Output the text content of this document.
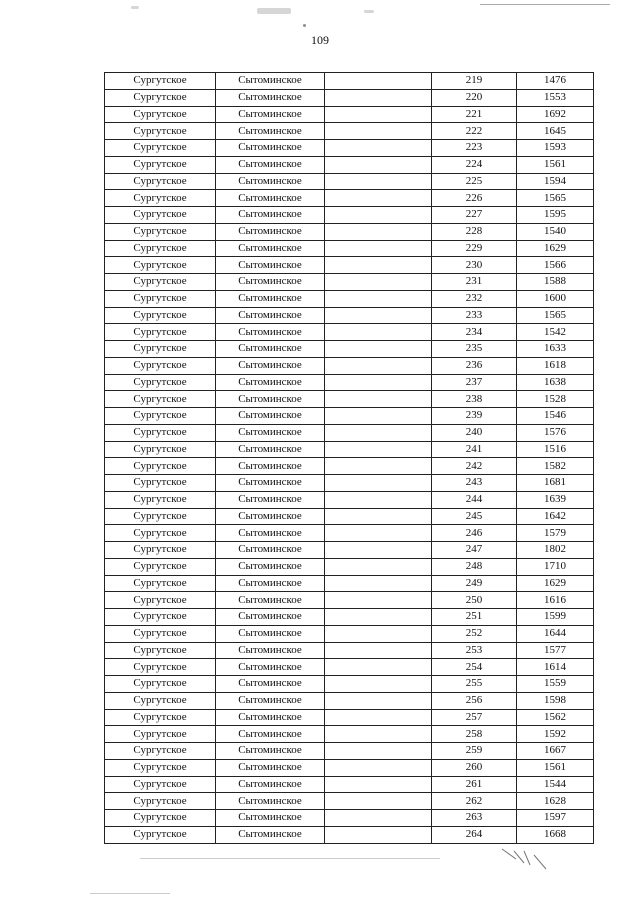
109
Сургутское	Сытоминское		219	1476
Сургутское	Сытоминское		220	1553
Сургутское	Сытоминское		221	1692
Сургутское	Сытоминское		222	1645
Сургутское	Сытоминское		223	1593
Сургутское	Сытоминское		224	1561
Сургутское	Сытоминское		225	1594
Сургутское	Сытоминское		226	1565
Сургутское	Сытоминское		227	1595
Сургутское	Сытоминское		228	1540
Сургутское	Сытоминское		229	1629
Сургутское	Сытоминское		230	1566
Сургутское	Сытоминское		231	1588
Сургутское	Сытоминское		232	1600
Сургутское	Сытоминское		233	1565
Сургутское	Сытоминское		234	1542
Сургутское	Сытоминское		235	1633
Сургутское	Сытоминское		236	1618
Сургутское	Сытоминское		237	1638
Сургутское	Сытоминское		238	1528
Сургутское	Сытоминское		239	1546
Сургутское	Сытоминское		240	1576
Сургутское	Сытоминское		241	1516
Сургутское	Сытоминское		242	1582
Сургутское	Сытоминское		243	1681
Сургутское	Сытоминское		244	1639
Сургутское	Сытоминское		245	1642
Сургутское	Сытоминское		246	1579
Сургутское	Сытоминское		247	1802
Сургутское	Сытоминское		248	1710
Сургутское	Сытоминское		249	1629
Сургутское	Сытоминское		250	1616
Сургутское	Сытоминское		251	1599
Сургутское	Сытоминское		252	1644
Сургутское	Сытоминское		253	1577
Сургутское	Сытоминское		254	1614
Сургутское	Сытоминское		255	1559
Сургутское	Сытоминское		256	1598
Сургутское	Сытоминское		257	1562
Сургутское	Сытоминское		258	1592
Сургутское	Сытоминское		259	1667
Сургутское	Сытоминское		260	1561
Сургутское	Сытоминское		261	1544
Сургутское	Сытоминское		262	1628
Сургутское	Сытоминское		263	1597
Сургутское	Сытоминское		264	1668
